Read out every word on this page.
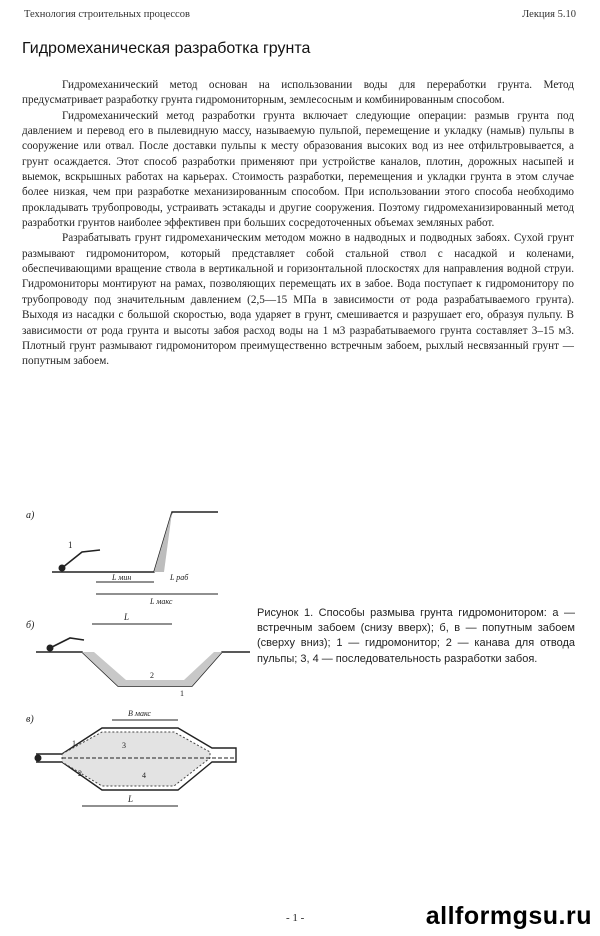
Технология строительных процессов	Лекция 5.10
Гидромеханическая разработка грунта

Гидромеханический метод основан на использовании воды для переработки грунта. Метод предусматривает разработку грунта гидромониторным, землесосным и комбинированным способом.

Гидромеханический метод разработки грунта включает следующие операции: размыв грунта под давлением и перевод его в пылевидную массу, называемую пульпой, перемещение и укладку (намыв) пульпы в сооружение или отвал. После доставки пульпы к месту образования высоких вод из нее отфильтровывается, а грунт осаждается. Этот способ разработки применяют при устройстве каналов, плотин, дорожных насыпей и выемок, вскрышных работах на карьерах. Стоимость разработки, перемещения и укладки грунта в этом случае более низкая, чем при разработке механизированным способом. При использовании этого способа необходимо прокладывать трубопроводы, устраивать эстакады и другие сооружения. Поэтому гидромеханизированный метод разработки грунтов наиболее эффективен при больших сосредоточенных объемах земляных работ.

Разрабатывать грунт гидромеханическим методом можно в надводных и подводных забоях. Сухой грунт размывают гидромонитором, который представляет собой стальной ствол с насадкой и коленами, обеспечивающими вращение ствола в вертикальной и горизонтальной плоскостях для направления водной струи. Гидромониторы монтируют на рамах, позволяющих перемещать их в забое. Вода поступает к гидромонитору по трубопроводу под значительным давлением (2,5—15 МПа в зависимости от рода разрабатываемого грунта). Выходя из насадки с большой скоростью, вода ударяет в грунт, смешивается и разрушает его, образуя пульпу. В зависимости от рода грунта и высоты забоя расход воды на 1 м3 разрабатываемого грунта составляет 3–15 м3. Плотный грунт размывают гидромонитором преимущественно встречным забоем, рыхлый несвязанный грунт — попутным забоем.

а)
1
L мин	L раб
L макс
б)
L
2
1
в)
3
4
1
2
B макс
L
Рисунок 1. Способы размыва грунта гидромонитором: а — встречным забоем (снизу вверх); б, в — попутным забоем (сверху вниз); 1 — гидромонитор; 2 — канава для отвода пульпы; 3, 4 — последовательность разработки забоя.
- 1 -	allformgsu.ru
